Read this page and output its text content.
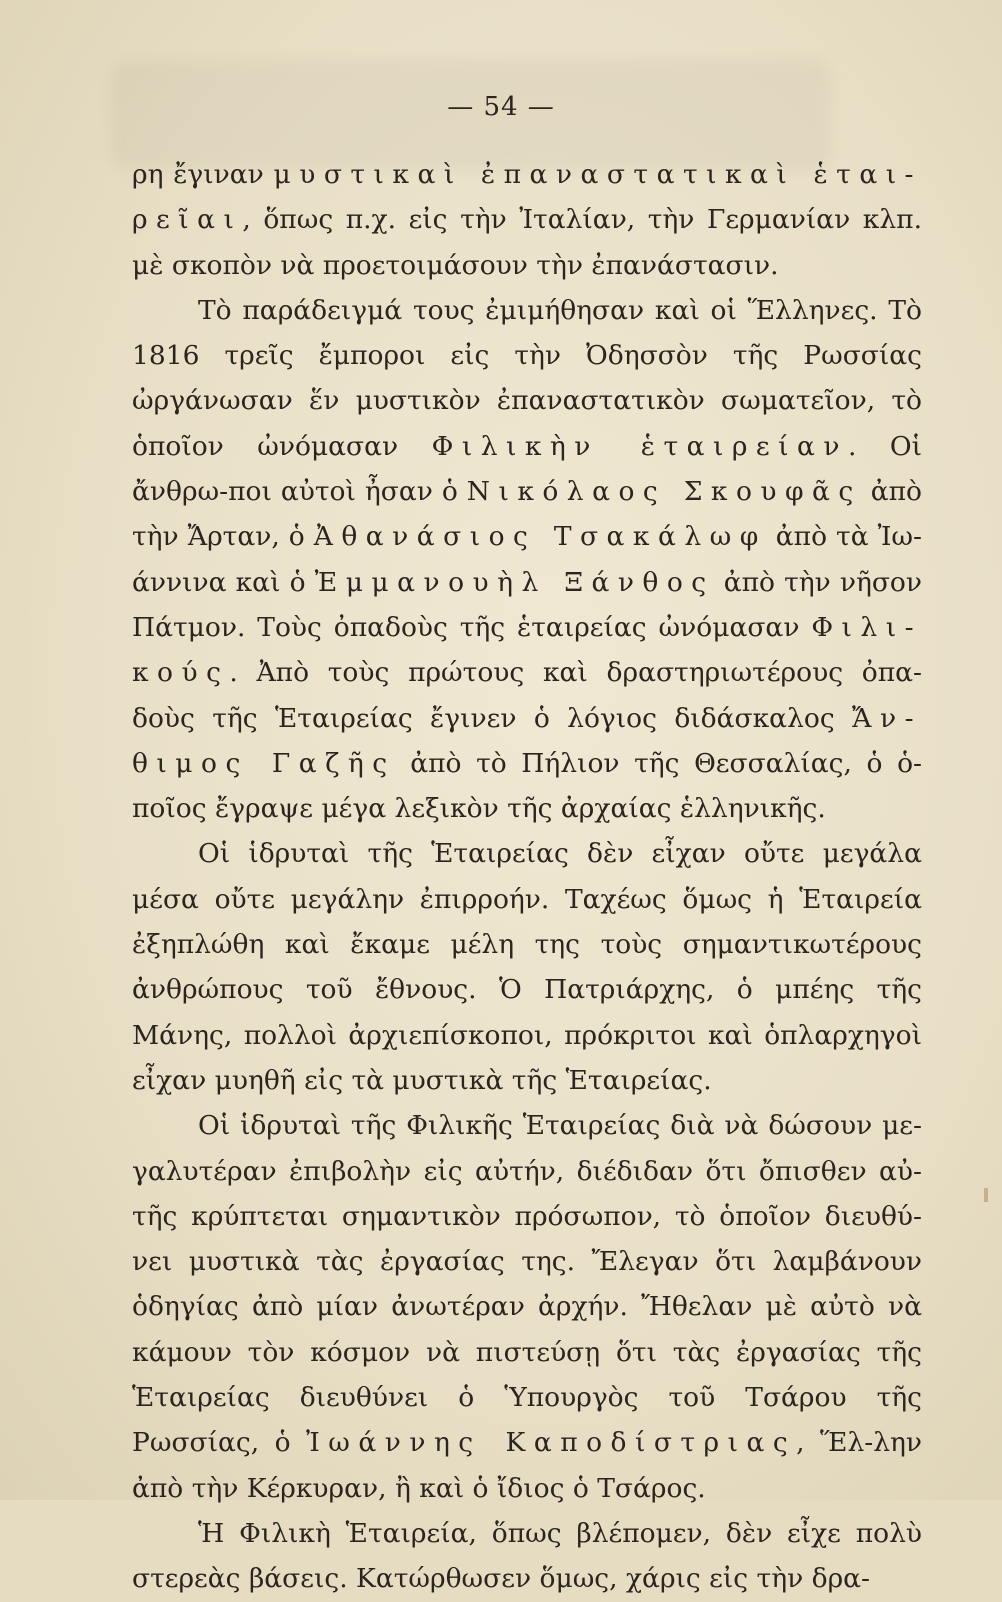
— 54 —

ρη ἔγιναν μυστικαὶ ἐπαναστατικαὶ ἑται-ρεῖαι, ὅπως π.χ. εἰς τὴν Ἰταλίαν, τὴν Γερμανίαν κλπ. μὲ σκοπὸν νὰ προετοιμάσουν τὴν ἐπανάστασιν.

Τὸ παράδειγμά τους ἐμιμήθησαν καὶ οἱ Ἕλληνες. Τὸ 1816 τρεῖς ἔμποροι εἰς τὴν Ὀδησσὸν τῆς Ρωσσίας ὠργάνωσαν ἕν μυστικὸν ἐπαναστατικὸν σωματεῖον, τὸ ὁποῖον ὠνόμασαν Φιλικὴν ἑταιρείαν. Οἱ ἄνθρω-ποι αὐτοὶ ἦσαν ὁ Νικόλαος Σκουφᾶς ἀπὸ τὴν Ἄρταν, ὁ Ἀθανάσιος Τσακάλωφ ἀπὸ τὰ Ἰω-άννινα καὶ ὁ Ἐμμανουὴλ Ξάνθος ἀπὸ τὴν νῆσον Πάτμον. Τοὺς ὀπαδοὺς τῆς ἑταιρείας ὠνόμασαν Φιλι-κούς. Ἀπὸ τοὺς πρώτους καὶ δραστηριωτέρους ὀπα-δοὺς τῆς Ἑταιρείας ἔγινεν ὁ λόγιος διδάσκαλος Ἄν-θιμος Γαζῆς ἀπὸ τὸ Πήλιον τῆς Θεσσαλίας, ὁ ὁ-ποῖος ἔγραψε μέγα λεξικὸν τῆς ἀρχαίας ἑλληνικῆς.

Οἱ ἱδρυταὶ τῆς Ἑταιρείας δὲν εἶχαν οὔτε μεγάλα μέσα οὔτε μεγάλην ἐπιρροήν. Ταχέως ὅμως ἡ Ἑταιρεία ἐξηπλώθη καὶ ἔκαμε μέλη της τοὺς σημαντικωτέρους ἀνθρώπους τοῦ ἔθνους. Ὁ Πατριάρχης, ὁ μπέης τῆς Μάνης, πολλοὶ ἀρχιεπίσκοποι, πρόκριτοι καὶ ὁπλαρχηγοὶ εἶχαν μυηθῆ εἰς τὰ μυστικὰ τῆς Ἑταιρείας.

Οἱ ἱδρυταὶ τῆς Φιλικῆς Ἑταιρείας διὰ νὰ δώσουν με-γαλυτέραν ἐπιβολὴν εἰς αὐτήν, διέδιδαν ὅτι ὄπισθεν αὐ-τῆς κρύπτεται σημαντικὸν πρόσωπον, τὸ ὁποῖον διευθύ-νει μυστικὰ τὰς ἐργασίας της. Ἔλεγαν ὅτι λαμβάνουν ὁδηγίας ἀπὸ μίαν ἀνωτέραν ἀρχήν. Ἤθελαν μὲ αὐτὸ νὰ κάμουν τὸν κόσμον νὰ πιστεύσῃ ὅτι τὰς ἐργασίας τῆς Ἑταιρείας διευθύνει ὁ Ὑπουργὸς τοῦ Τσάρου τῆς Ρωσσίας, ὁ Ἰωάννης Καποδίστριας, Ἕλ-λην ἀπὸ τὴν Κέρκυραν, ἢ καὶ ὁ ἴδιος ὁ Τσάρος.

Ἡ Φιλικὴ Ἑταιρεία, ὅπως βλέπομεν, δὲν εἶχε πολὺ στερεὰς βάσεις. Κατώρθωσεν ὅμως, χάρις εἰς τὴν δρα-
